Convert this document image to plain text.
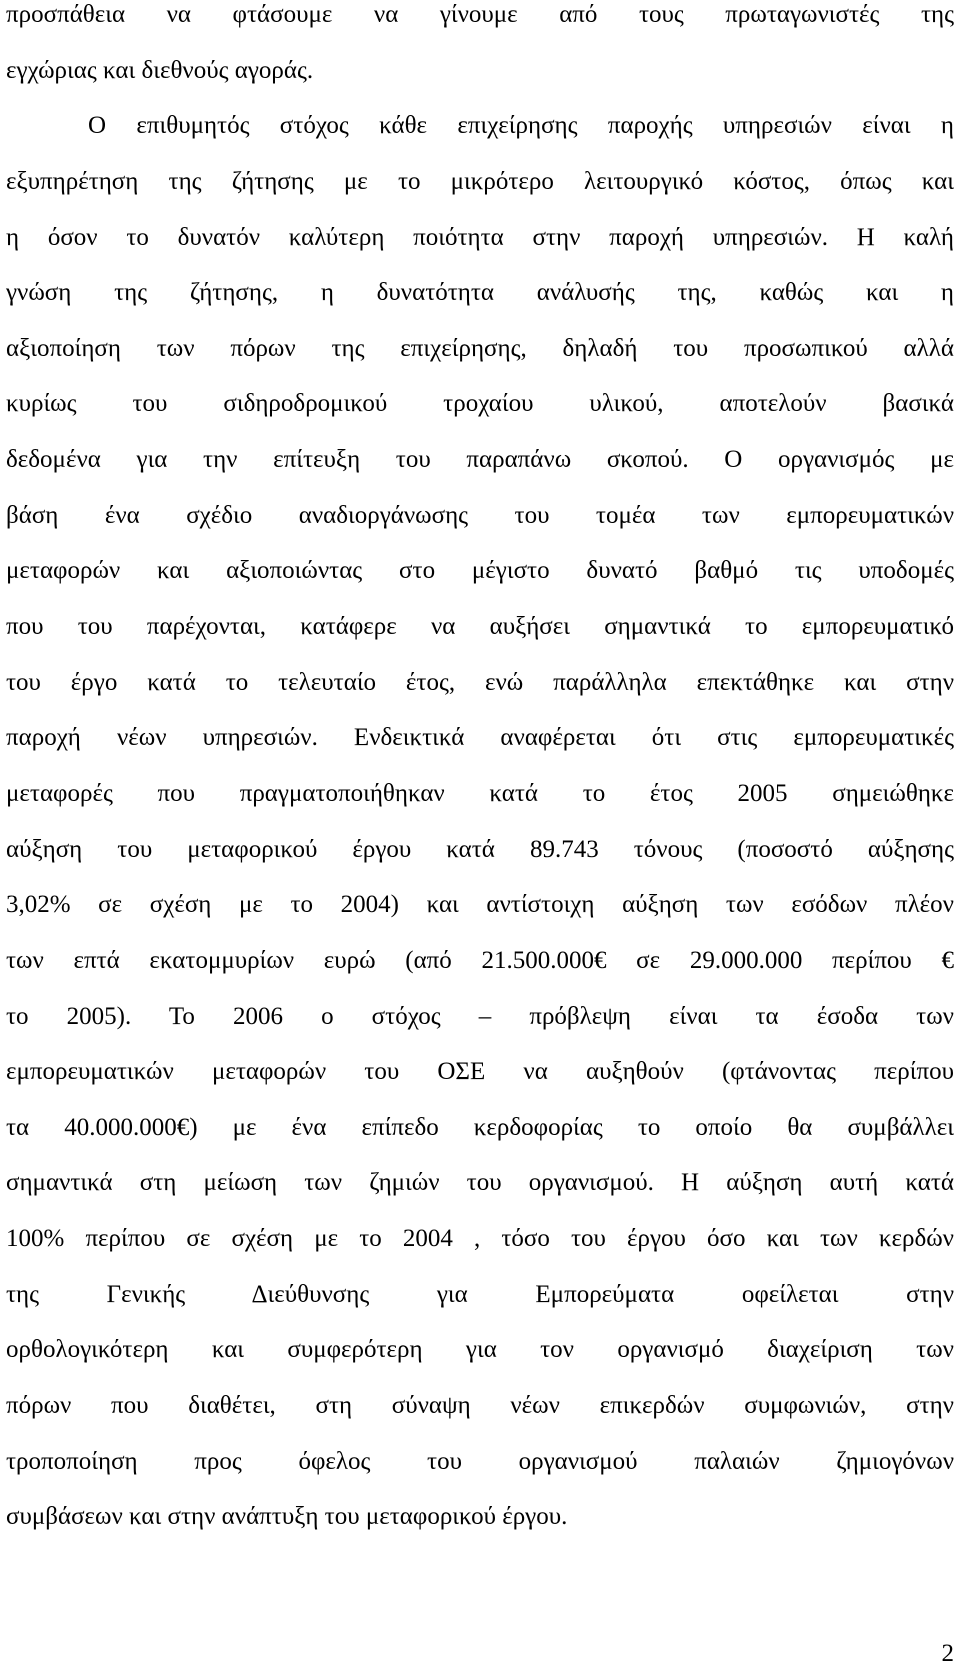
προσπάθεια να φτάσουμε να γίνουμε από τους πρωταγωνιστές της
εγχώριας και διεθνούς αγοράς.
Ο επιθυμητός στόχος κάθε επιχείρησης παροχής υπηρεσιών είναι η
εξυπηρέτηση της ζήτησης με το μικρότερο λειτουργικό κόστος, όπως και
η όσον το δυνατόν καλύτερη ποιότητα στην παροχή υπηρεσιών. Η καλή
γνώση της ζήτησης, η δυνατότητα ανάλυσής της, καθώς και η
αξιοποίηση των πόρων της επιχείρησης, δηλαδή του προσωπικού αλλά
κυρίως του σιδηροδρομικού τροχαίου υλικού, αποτελούν βασικά
δεδομένα για την επίτευξη του παραπάνω σκοπού. Ο οργανισμός με
βάση ένα σχέδιο αναδιοργάνωσης του τομέα των εμπορευματικών
μεταφορών και αξιοποιώντας στο μέγιστο δυνατό βαθμό τις υποδομές
που του παρέχονται, κατάφερε να αυξήσει σημαντικά το εμπορευματικό
του έργο κατά το τελευταίο έτος, ενώ παράλληλα επεκτάθηκε και στην
παροχή νέων υπηρεσιών. Ενδεικτικά αναφέρεται ότι στις εμπορευματικές
μεταφορές που πραγματοποιήθηκαν κατά το έτος 2005 σημειώθηκε
αύξηση του μεταφορικού έργου κατά 89.743 τόνους (ποσοστό αύξησης
3,02% σε σχέση με το 2004) και αντίστοιχη αύξηση των εσόδων πλέον
των επτά εκατομμυρίων ευρώ (από 21.500.000€ σε 29.000.000 περίπου €
το 2005). Το 2006 ο στόχος – πρόβλεψη είναι τα έσοδα των
εμπορευματικών μεταφορών του ΟΣΕ να αυξηθούν (φτάνοντας περίπου
τα 40.000.000€) με ένα επίπεδο κερδοφορίας το οποίο θα συμβάλλει
σημαντικά στη μείωση των ζημιών του οργανισμού. Η αύξηση αυτή κατά
100% περίπου σε σχέση με το 2004 , τόσο του έργου όσο και των κερδών
της Γενικής Διεύθυνσης για Εμπορεύματα οφείλεται στην
ορθολογικότερη και συμφερότερη για τον οργανισμό διαχείριση των
πόρων που διαθέτει, στη σύναψη νέων επικερδών συμφωνιών, στην
τροποποίηση προς όφελος του οργανισμού παλαιών ζημιογόνων
συμβάσεων και στην ανάπτυξη του μεταφορικού έργου.
2
